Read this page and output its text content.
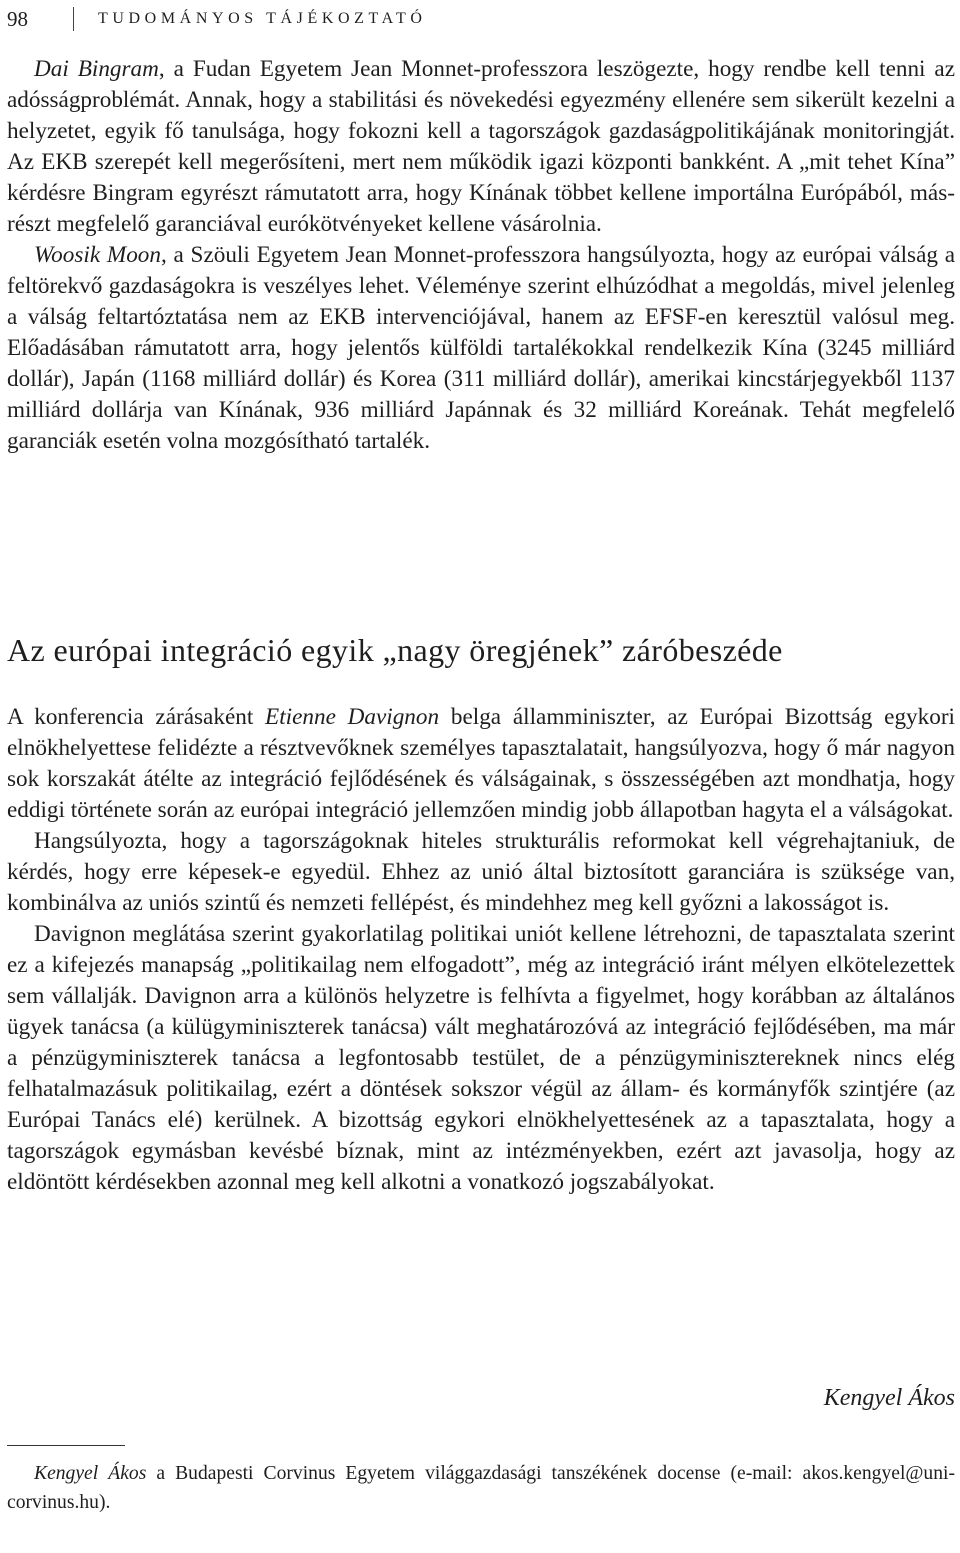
98	TUDOMÁNYOS TÁJÉKOZTATÓ

Dai Bingram, a Fudan Egyetem Jean Monnet-professzora leszögezte, hogy rendbe kell tenni az adósságproblémát. Annak, hogy a stabilitási és növekedési egyezmény ellenére sem sikerült kezelni a helyzetet, egyik fő tanulsága, hogy fokozni kell a tagországok gazdaságpolitikájának monitoringját. Az EKB szerepét kell megerősíteni, mert nem működik igazi központi bankként. A „mit tehet Kína” kérdésre Bingram egyrészt rámutatott arra, hogy Kínának többet kellene importálna Európából, másrészt megfelelő garanciával eurókötvényeket kellene vásárolnia.

Woosik Moon, a Szöuli Egyetem Jean Monnet-professzora hangsúlyozta, hogy az európai válság a feltörekvő gazdaságokra is veszélyes lehet. Véleménye szerint elhúzódhat a megoldás, mivel jelenleg a válság feltartóztatása nem az EKB intervenciójával, hanem az EFSF-en keresztül valósul meg. Előadásában rámutatott arra, hogy jelentős külföldi tartalékokkal rendelkezik Kína (3245 milliárd dollár), Japán (1168 milliárd dollár) és Korea (311 milliárd dollár), amerikai kincstárjegyekből 1137 milliárd dollárja van Kínának, 936 milliárd Japánnak és 32 milliárd Koreának. Tehát megfelelő garanciák esetén volna mozgósítható tartalék.

Az európai integráció egyik „nagy öregjének” záróbeszéde

A konferencia zárásaként Etienne Davignon belga államminiszter, az Európai Bizottság egykori elnökhelyettese felidézte a résztvevőknek személyes tapasztalatait, hangsúlyozva, hogy ő már nagyon sok korszakát átélte az integráció fejlődésének és válságainak, s összességében azt mondhatja, hogy eddigi története során az európai integráció jellemzően mindig jobb állapotban hagyta el a válságokat.

Hangsúlyozta, hogy a tagországoknak hiteles strukturális reformokat kell végrehajtaniuk, de kérdés, hogy erre képesek-e egyedül. Ehhez az unió által biztosított garanciára is szüksége van, kombinálva az uniós szintű és nemzeti fellépést, és mindehhez meg kell győzni a lakosságot is.

Davignon meglátása szerint gyakorlatilag politikai uniót kellene létrehozni, de tapasztalata szerint ez a kifejezés manapság „politikailag nem elfogadott”, még az integráció iránt mélyen elkötelezettek sem vállalják. Davignon arra a különös helyzetre is felhívta a figyelmet, hogy korábban az általános ügyek tanácsa (a külügyminiszterek tanácsa) vált meghatározóvá az integráció fejlődésében, ma már a pénzügyminiszterek tanácsa a legfontosabb testület, de a pénzügyminisztereknek nincs elég felhatalmazásuk politikailag, ezért a döntések sokszor végül az állam- és kormányfők szintjére (az Európai Tanács elé) kerülnek. A bizottság egykori elnökhelyettesének az a tapasztalata, hogy a tagországok egymásban kevésbé bíznak, mint az intézményekben, ezért azt javasolja, hogy az eldöntött kérdésekben azonnal meg kell alkotni a vonatkozó jogszabályokat.

Kengyel Ákos

Kengyel Ákos a Budapesti Corvinus Egyetem világgazdasági tanszékének docense (e-mail: akos.kengyel@uni-corvinus.hu).
